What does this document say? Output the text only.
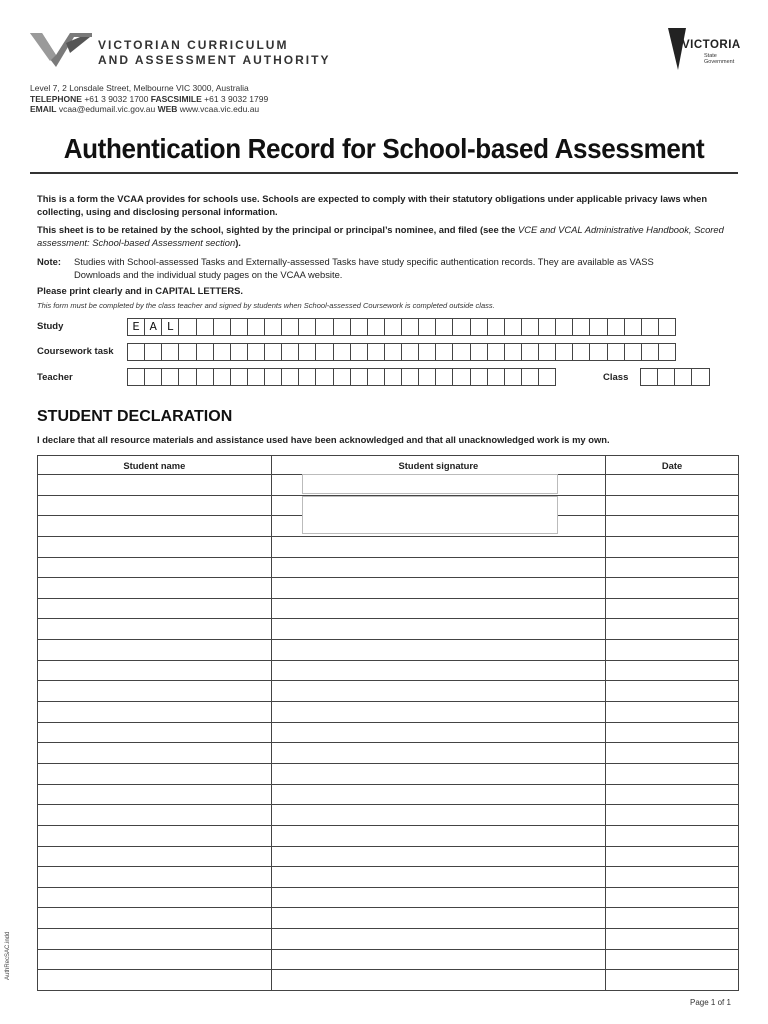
VICTORIAN CURRICULUM
AND ASSESSMENT AUTHORITY
Level 7, 2 Lonsdale Street, Melbourne VIC 3000, Australia
TELEPHONE +61 3 9032 1700 FASCSIMILE +61 3 9032 1799
EMAIL vcaa@edumail.vic.gov.au WEB www.vcaa.vic.edu.au
VICTORIA
State
Government
Authentication Record for School-based Assessment

This is a form the VCAA provides for schools use. Schools are expected to comply with their statutory obligations under applicable privacy laws when collecting, using and disclosing personal information.

This sheet is to be retained by the school, sighted by the principal or principal’s nominee, and filed (see the VCE and VCAL Administrative Handbook, Scored assessment: School-based Assessment section).

Note: Studies with School-assessed Tasks and Externally-assessed Tasks have study specific authentication records. They are available as VASS Downloads and the individual study pages on the VCAA website.

Please print clearly and in CAPITAL LETTERS.

This form must be completed by the class teacher and signed by students when School-assessed Coursework is completed outside class.

Study	E A L
Coursework task
Teacher	Class
STUDENT DECLARATION

I declare that all resource materials and assistance used have been acknowledged and that all unacknowledged work is my own.

Student name	Student signature	Date

AuthRecSAC.indd
Page 1 of 1
